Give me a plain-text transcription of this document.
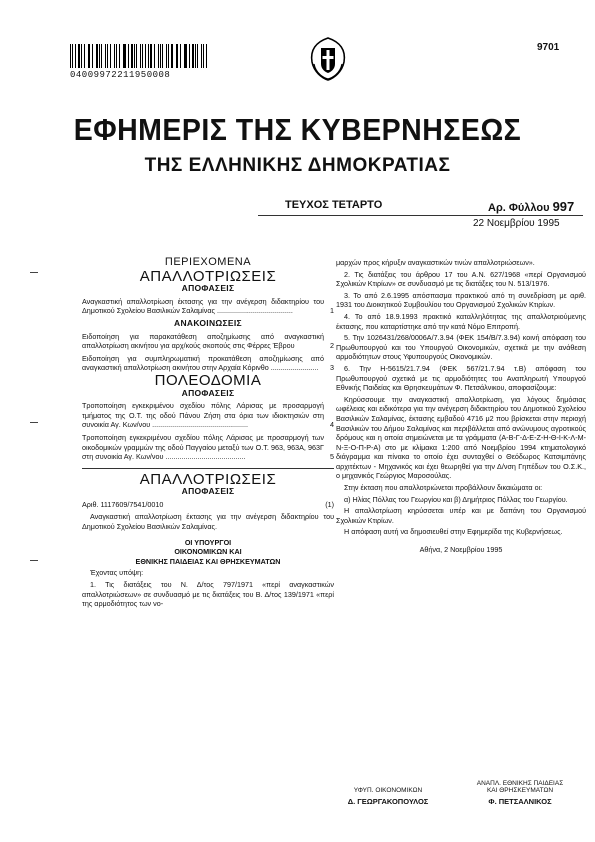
04009972211950008
9701
ΕΦΗΜΕΡΙΣ ΤΗΣ ΚΥΒΕΡΝΗΣΕΩΣ
ΤΗΣ ΕΛΛΗΝΙΚΗΣ ΔΗΜΟΚΡΑΤΙΑΣ
ΤΕΥΧΟΣ ΤΕΤΑΡΤΟ	Αρ. Φύλλου 997
22 Νοεμβρίου 1995
ΠΕΡΙΕΧΟΜΕΝΑ
ΑΠΑΛΛΟΤΡΙΩΣΕΙΣ
ΑΠΟΦΑΣΕΙΣ
Αναγκαστική απαλλοτρίωση έκτασης για την ανέγερση διδακτηρίου του Δημοτικού Σχολείου Βασιλικών Σαλαμίνας ......................................	1
ΑΝΑΚΟΙΝΩΣΕΙΣ
Ειδοποίηση για παρακατάθεση αποζημίωσης από αναγκαστική απαλλοτρίωση ακινήτου για αρχ/κούς σκοπούς στις Φέρρες Έβρου	2
Ειδοποίηση για συμπληρωματική προκατάθεση αποζημίωσης από αναγκαστική απαλλοτρίωση ακινήτου στην Αρχαία Κόρινθο ........................ 3
ΠΟΛΕΟΔΟΜΙΑ
ΑΠΟΦΑΣΕΙΣ
Τροποποίηση εγκεκριμένου σχεδίου πόλης Λάρισας με προσαρμογή τμήματος της Ο.Τ. της οδού Πάνου Ζήση στα όρια των ιδιοκτησιών στη συνοικία Αγ. Κων/νου ................................................	4
Τροποποίηση εγκεκριμένου σχεδίου πόλης Λάρισας με προσαρμογή των οικοδομικών γραμμών της οδού Παγγαίου μεταξύ των Ο.Τ. 963, 963Α, 963Γ στη συνοικία Αγ. Κων/νου ........................................	5
ΑΠΑΛΛΟΤΡΙΩΣΕΙΣ
ΑΠΟΦΑΣΕΙΣ
Αριθ. 1117609/7541/0010	(1)
Αναγκαστική απαλλοτρίωση έκτασης για την ανέγερση διδακτηρίου του Δημοτικού Σχολείου Βασιλικών Σαλαμίνας.
ΟΙ ΥΠΟΥΡΓΟΙ
ΟΙΚΟΝΟΜΙΚΩΝ ΚΑΙ
ΕΘΝΙΚΗΣ ΠΑΙΔΕΙΑΣ ΚΑΙ ΘΡΗΣΚΕΥΜΑΤΩΝ
Έχοντας υπόψη:
1. Τις διατάξεις του Ν. Δ/τος 797/1971 «περί αναγκαστικών απαλλοτριώσεων» σε συνδυασμό με τις διατάξεις του Β. Δ/τος 139/1971 «περί της αρμοδιότητος των νο-
μαρχών προς κήρυξιν αναγκαστικών τινών απαλλοτριώσεων».
2. Τις διατάξεις του άρθρου 17 του Α.Ν. 627/1968 «περί Οργανισμού Σχολικών Κτιρίων» σε συνδυασμό με τις διατάξεις του Ν. 513/1976.
3. Το από 2.6.1995 απόσπασμα πρακτικού από τη συνεδρίαση με αριθ. 1931 του Διοικητικού Συμβουλίου του Οργανισμού Σχολικών Κτιρίων.
4. Το από 18.9.1993 πρακτικό καταλληλότητας της απαλλοτριούμενης έκτασης, που καταρτίστηκε από την κατά Νόμο Επιτροπή.
5. Την 1026431/268/0006Α/7.3.94 (ΦΕΚ 154/Β/7.3.94) κοινή απόφαση του Πρωθυπουργού και του Υπουργού Οικονομικών, σχετικά με την ανάθεση αρμοδιότητων στους Υφυπουργούς Οικονομικών.
6. Την Η-5615/21.7.94 (ΦΕΚ 567/21.7.94 τ.Β) απόφαση του Πρωθυπουργού σχετικά με τις αρμοδιότητες του Αναπληρωτή Υπουργού Εθνικής Παιδείας και Θρησκευμάτων Φ. Πετσάλνικου, αποφασίζουμε:
Κηρύσσουμε την αναγκαστική απαλλοτρίωση, για λόγους δημόσιας ωφέλειας και ειδικότερα για την ανέγερση διδακτηρίου του Δημοτικού Σχολείου Βασιλικών Σαλαμίνας, έκτασης εμβαδού 4716 μ2 που βρίσκεται στην περιοχή Βασιλικών του Δήμου Σαλαμίνας και περιβάλλεται από ανώνυμους αγροτικούς δρόμους και η οποία σημειώνεται με τα γράμματα (Α-Β-Γ-Δ-Ε-Ζ-Η-Θ-Ι-Κ-Λ-Μ-Ν-Ξ-Ο-Π-Ρ-Α) στο με κλίμακα 1:200 από Νοεμβρίου 1994 κτηματολογικό διάγραμμα και πίνακα το οποίο έχει συνταχθεί ο Θεόδωρος Κατσιμπάνης αρχιτέκτων - Μηχανικός και έχει θεωρηθεί για την Δ/νση Γηπέδων του Ο.Σ.Κ., ο μηχανικός Γεώργιος Μαροσούλας.
Στην έκταση που απαλλοτριώνεται προβάλλουν δικαιώματα οι:
α) Ηλίας Πόλλας του Γεωργίου και β) Δημήτριος Πόλλας του Γεωργίου.
Η απαλλοτρίωση κηρύσσεται υπέρ και με δαπάνη του Οργανισμού Σχολικών Κτιρίων.
Η απόφαση αυτή να δημοσιευθεί στην Εφημερίδα της Κυβερνήσεως.
Αθήνα, 2 Νοεμβρίου 1995
ΥΦΥΠ. ΟΙΚΟΝΟΜΙΚΩΝ
Δ. ΓΕΩΡΓΑΚΟΠΟΥΛΟΣ
ΑΝΑΠΛ. ΕΘΝΙΚΗΣ ΠΑΙΔΕΙΑΣ
ΚΑΙ ΘΡΗΣΚΕΥΜΑΤΩΝ
Φ. ΠΕΤΣΑΛΝΙΚΟΣ
